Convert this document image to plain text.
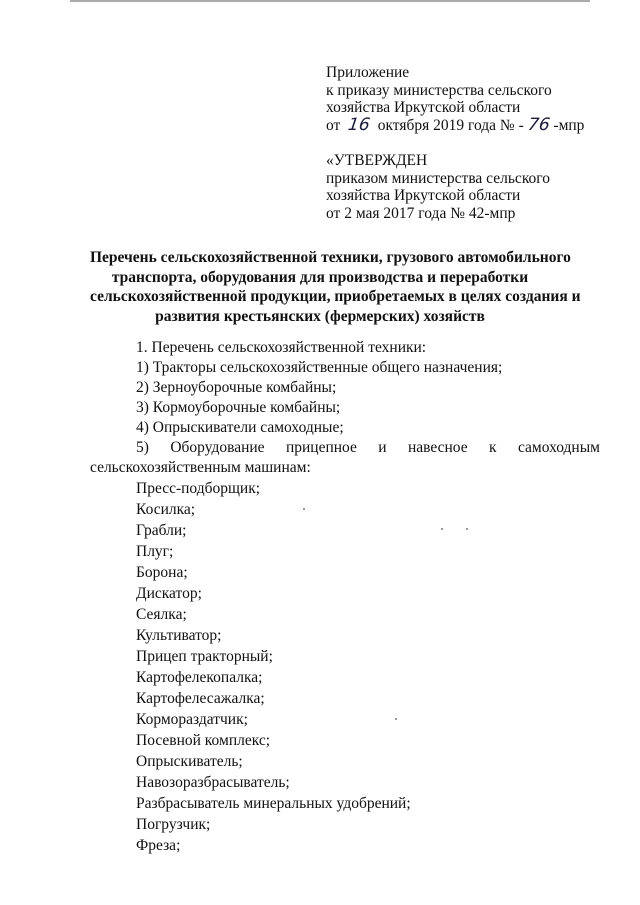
Приложение
к приказу министерства сельского
хозяйства Иркутской области
от 16 октября 2019 года № - 76 -мпр
«УТВЕРЖДЕН
приказом министерства сельского
хозяйства Иркутской области
от 2 мая 2017 года № 42-мпр
Перечень сельскохозяйственной техники, грузового автомобильного
транспорта, оборудования для производства и переработки
сельскохозяйственной продукции, приобретаемых в целях создания и
развития крестьянских (фермерских) хозяйств
1. Перечень сельскохозяйственной техники:
1) Тракторы сельскохозяйственные общего назначения;
2) Зерноуборочные комбайны;
3) Кормоуборочные комбайны;
4) Опрыскиватели самоходные;
5) Оборудование прицепное и навесное к самоходным
сельскохозяйственным машинам:
Пресс-подборщик;
Косилка;
Грабли;
Плуг;
Борона;
Дискатор;
Сеялка;
Культиватор;
Прицеп тракторный;
Картофелекопалка;
Картофелесажалка;
Кормораздатчик;
Посевной комплекс;
Опрыскиватель;
Навозоразбрасыватель;
Разбрасыватель минеральных удобрений;
Погрузчик;
Фреза;
